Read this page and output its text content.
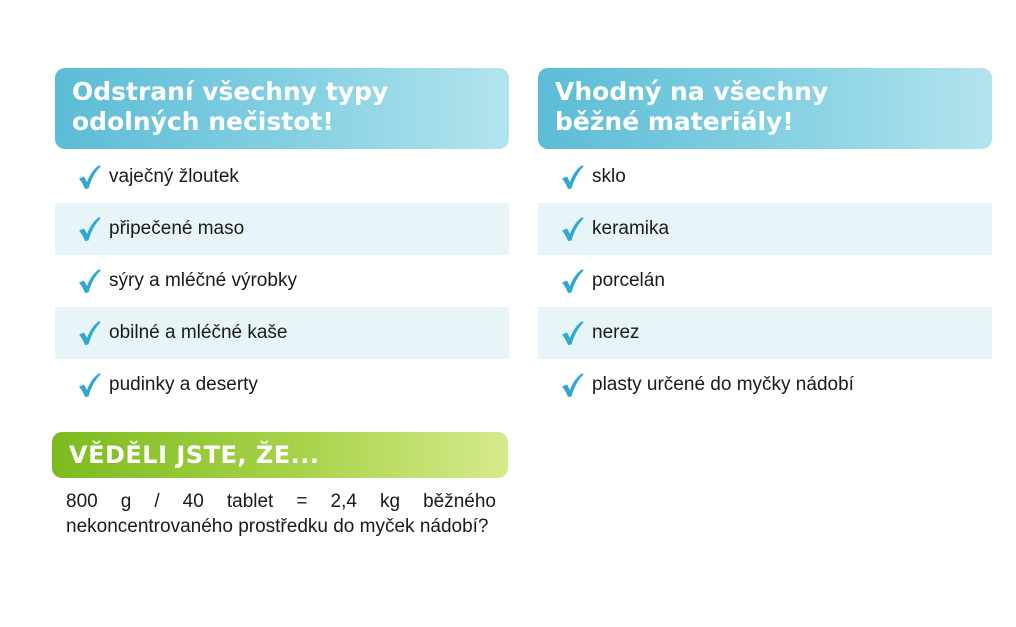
Odstraní všechny typy
odolných nečistot!
vaječný žloutek
připečené maso
sýry a mléčné výrobky
obilné a mléčné kaše
pudinky a deserty
Vhodný na všechny
běžné materiály!
sklo
keramika
porcelán
nerez
plasty určené do myčky nádobí
VĚDĚLI JSTE, ŽE...

800 g / 40 tablet = 2,4 kg běžného nekoncentrovaného prostředku do myček nádobí?
